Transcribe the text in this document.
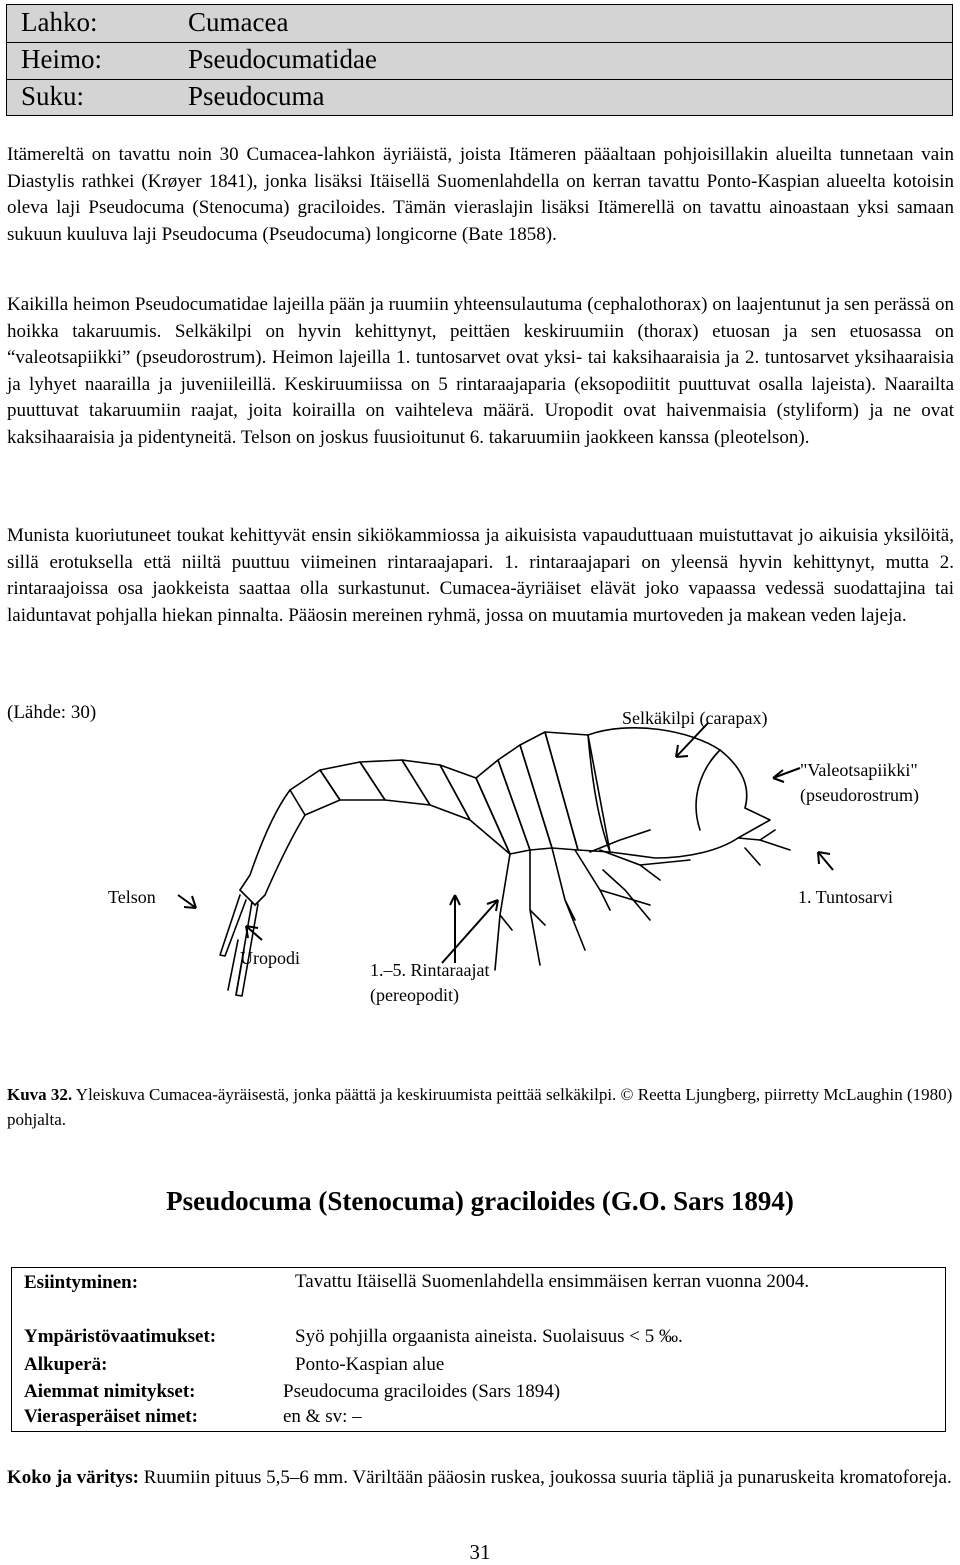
Lahko:	Cumacea
Heimo:	Pseudocumatidae
Suku:	Pseudocuma
Itämereltä on tavattu noin 30 Cumacea-lahkon äyriäistä, joista Itämeren pääaltaan pohjoisillakin alueilta tunnetaan vain Diastylis rathkei (Krøyer 1841), jonka lisäksi Itäisellä Suomenlahdella on kerran tavattu Ponto-Kaspian alueelta kotoisin oleva laji Pseudocuma (Stenocuma) graciloides. Tämän vieraslajin lisäksi Itämerellä on tavattu ainoastaan yksi samaan sukuun kuuluva laji Pseudocuma (Pseudocuma) longicorne (Bate 1858).
Kaikilla heimon Pseudocumatidae lajeilla pään ja ruumiin yhteensulautuma (cephalothorax) on laajentunut ja sen perässä on hoikka takaruumis. Selkäkilpi on hyvin kehittynyt, peittäen keskiruumiin (thorax) etuosan ja sen etuosassa on “valeotsapiikki” (pseudorostrum). Heimon lajeilla 1. tuntosarvet ovat yksi- tai kaksihaaraisia ja 2. tuntosarvet yksihaaraisia ja lyhyet naarailla ja juveniileillä. Keskiruumiissa on 5 rintaraajaparia (eksopodiitit puuttuvat osalla lajeista). Naarailta puuttuvat takaruumiin raajat, joita koirailla on vaihteleva määrä. Uropodit ovat haivenmaisia (styliform) ja ne ovat kaksihaaraisia ja pidentyneitä. Telson on joskus fuusioitunut 6. takaruumiin jaokkeen kanssa (pleotelson).
Munista kuoriutuneet toukat kehittyvät ensin sikiökammiossa ja aikuisista vapauduttuaan muistuttavat jo aikuisia yksilöitä, sillä erotuksella että niiltä puuttuu viimeinen rintaraajapari. 1. rintaraajapari on yleensä hyvin kehittynyt, mutta 2. rintaraajoissa osa jaokkeista saattaa olla surkastunut. Cumacea-äyriäiset elävät joko vapaassa vedessä suodattajina tai laiduntavat pohjalla hiekan pinnalta. Pääosin mereinen ryhmä, jossa on muutamia murtoveden ja makean veden lajeja.
(Lähde: 30)	Selkäkilpi (carapax)
"Valeotsapiikki"
(pseudorostrum)
Telson	1. Tuntosarvi
Uropodi
1.–5. Rintaraajat
(pereopodit)
Kuva 32. Yleiskuva Cumacea-äyräisestä, jonka päättä ja keskiruumista peittää selkäkilpi. © Reetta Ljungberg, piirretty McLaughin (1980) pohjalta.
Pseudocuma (Stenocuma) graciloides (G.O. Sars 1894)
Esiintyminen:	Tavattu Itäisellä Suomenlahdella ensimmäisen kerran vuonna 2004.
Ympäristövaatimukset:	Syö pohjilla orgaanista aineista. Suolaisuus < 5 ‰.
Alkuperä:	Ponto-Kaspian alue
Aiemmat nimitykset:	Pseudocuma graciloides (Sars 1894)
Vierasperäiset nimet:	en & sv: –
Koko ja väritys: Ruumiin pituus 5,5–6 mm. Väriltään pääosin ruskea, joukossa suuria täpliä ja punaruskeita kromatoforeja.
31
